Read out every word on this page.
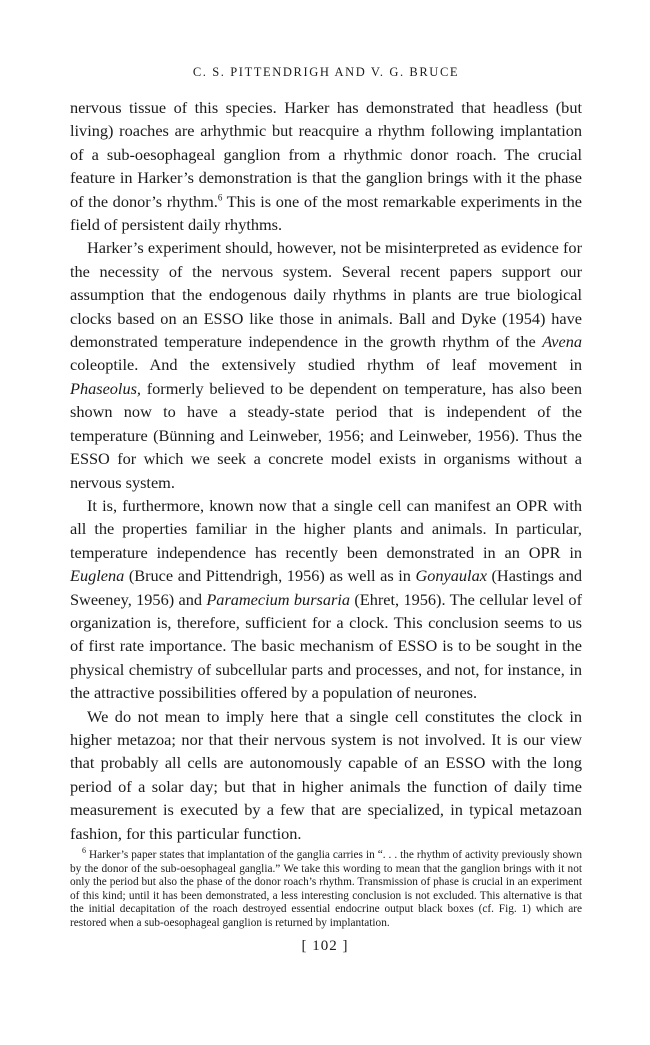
C. S. PITTENDRIGH AND V. G. BRUCE

nervous tissue of this species. Harker has demonstrated that headless (but living) roaches are arhythmic but reacquire a rhythm following implantation of a sub-oesophageal ganglion from a rhythmic donor roach. The crucial feature in Harker’s demonstration is that the ganglion brings with it the phase of the donor’s rhythm.$^6$ This is one of the most remarkable experiments in the field of persistent daily rhythms.

Harker’s experiment should, however, not be misinterpreted as evidence for the necessity of the nervous system. Several recent papers support our assumption that the endogenous daily rhythms in plants are true biological clocks based on an ESSO like those in animals. Ball and Dyke (1954) have demonstrated temperature independence in the growth rhythm of the Avena coleoptile. And the extensively studied rhythm of leaf movement in Phaseolus, formerly believed to be dependent on temperature, has also been shown now to have a steady-state period that is independent of the temperature (Bünning and Leinweber, 1956; and Leinweber, 1956). Thus the ESSO for which we seek a concrete model exists in organisms without a nervous system.

It is, furthermore, known now that a single cell can manifest an OPR with all the properties familiar in the higher plants and animals. In particular, temperature independence has recently been demonstrated in an OPR in Euglena (Bruce and Pittendrigh, 1956) as well as in Gonyaulax (Hastings and Sweeney, 1956) and Paramecium bursaria (Ehret, 1956). The cellular level of organization is, therefore, sufficient for a clock. This conclusion seems to us of first rate importance. The basic mechanism of ESSO is to be sought in the physical chemistry of subcellular parts and processes, and not, for instance, in the attractive possibilities offered by a population of neurones.

We do not mean to imply here that a single cell constitutes the clock in higher metazoa; nor that their nervous system is not involved. It is our view that probably all cells are autonomously capable of an ESSO with the long period of a solar day; but that in higher animals the function of daily time measurement is executed by a few that are specialized, in typical metazoan fashion, for this particular function.

$^6$ Harker’s paper states that implantation of the ganglia carries in “. . . the rhythm of activity previously shown by the donor of the sub-oesophageal ganglia.” We take this wording to mean that the ganglion brings with it not only the period but also the phase of the donor roach’s rhythm. Transmission of phase is crucial in an experiment of this kind; until it has been demonstrated, a less interesting conclusion is not excluded. This alternative is that the initial decapitation of the roach destroyed essential endocrine output black boxes (cf. Fig. 1) which are restored when a sub-oesophageal ganglion is returned by implantation.

[ 102 ]
